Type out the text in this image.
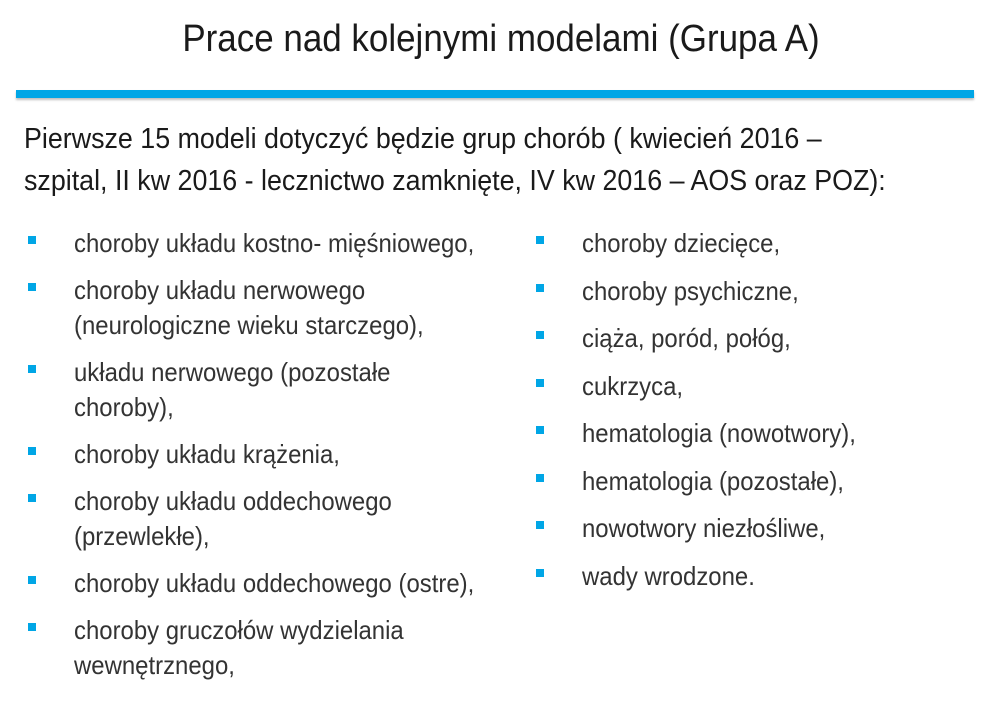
Prace nad kolejnymi modelami (Grupa A)
Pierwsze 15 modeli dotyczyć będzie grup chorób ( kwiecień 2016 –
szpital, II kw 2016 - lecznictwo zamknięte, IV kw 2016 – AOS oraz POZ):
choroby układu kostno- mięśniowego,
choroby układu nerwowego
(neurologiczne wieku starczego),
układu nerwowego (pozostałe
choroby),
choroby układu krążenia,
choroby układu oddechowego
(przewlekłe),
choroby układu oddechowego (ostre),
choroby gruczołów wydzielania
wewnętrznego,
choroby dziecięce,
choroby psychiczne,
ciąża, poród, połóg,
cukrzyca,
hematologia (nowotwory),
hematologia (pozostałe),
nowotwory niezłośliwe,
wady wrodzone.
